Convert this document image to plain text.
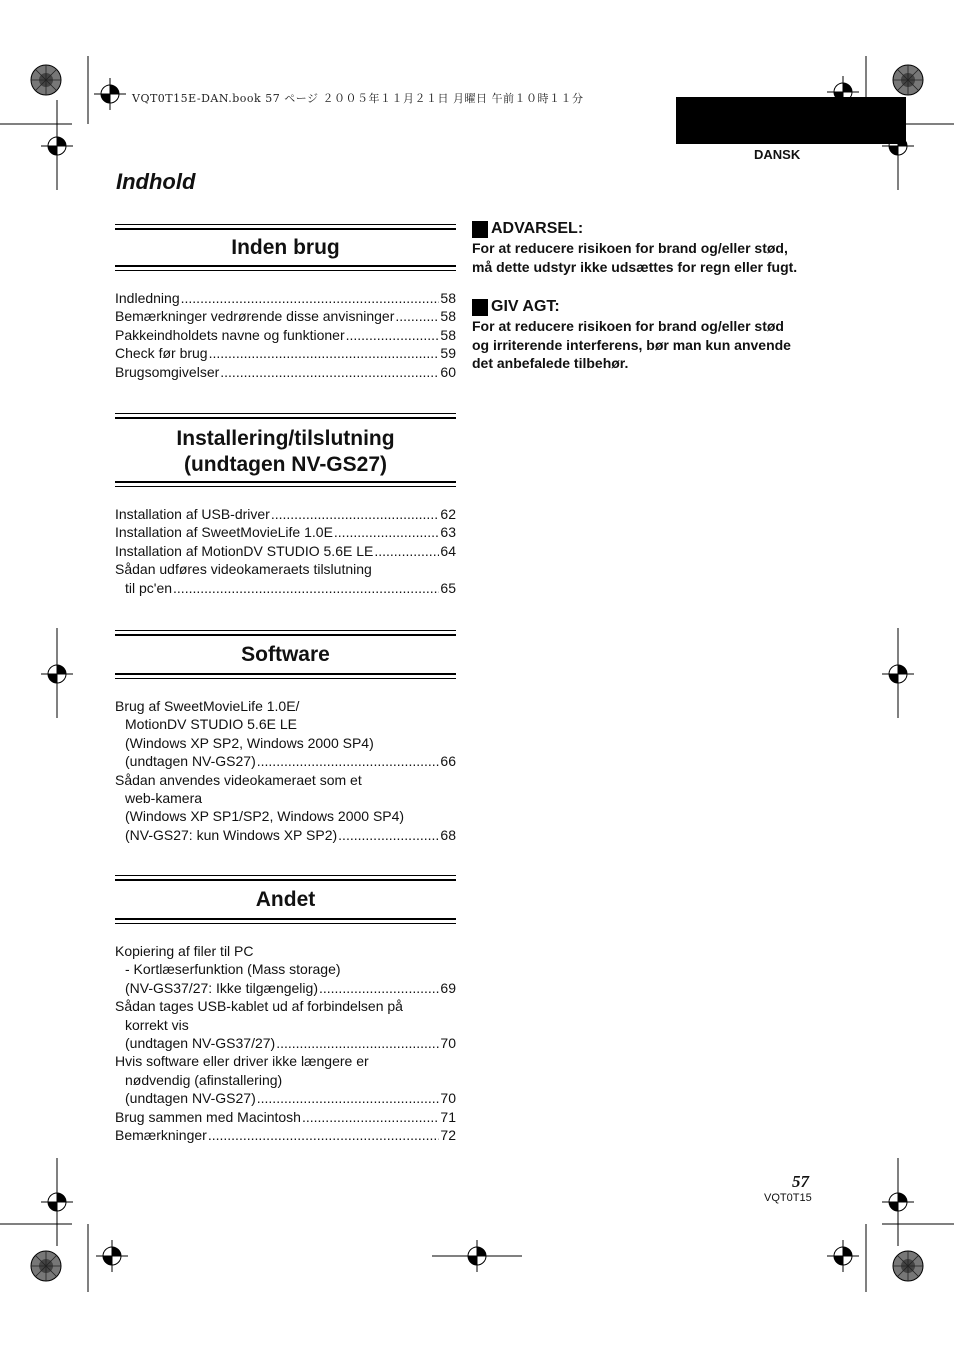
VQT0T15E-DAN.book 57 ページ ２００５年１１月２１日 月曜日 午前１０時１１分
DANSK
Indhold
Inden brug
Indledning .....	58
Bemærkninger vedrørende disse anvisninger .....	58
Pakkeindholdets navne og funktioner .....	58
Check før brug .....	59
Brugsomgivelser .....	60
Installering/tilslutning
(undtagen NV-GS27)
Installation af USB-driver .....	62
Installation af SweetMovieLife 1.0E .....	63
Installation af MotionDV STUDIO 5.6E LE .....	64
Sådan udføres videokameraets tilslutning
til pc'en .....	65
Software
Brug af SweetMovieLife 1.0E/
MotionDV STUDIO 5.6E LE
(Windows XP SP2, Windows 2000 SP4)
(undtagen NV-GS27) .....	66
Sådan anvendes videokameraet som et
web-kamera
(Windows XP SP1/SP2, Windows 2000 SP4)
(NV-GS27: kun Windows XP SP2) .....	68
Andet
Kopiering af filer til PC
- Kortlæserfunktion (Mass storage)
(NV-GS37/27: Ikke tilgængelig) .....	69
Sådan tages USB-kablet ud af forbindelsen på
korrekt vis
(undtagen NV-GS37/27) .....	70
Hvis software eller driver ikke længere er
nødvendig (afinstallering)
(undtagen NV-GS27) .....	70
Brug sammen med Macintosh .....	71
Bemærkninger .....	72
ADVARSEL:
For at reducere risikoen for brand og/eller stød,
må dette udstyr ikke udsættes for regn eller fugt.
GIV AGT:
For at reducere risikoen for brand og/eller stød
og irriterende interferens, bør man kun anvende
det anbefalede tilbehør.
57
VQT0T15
